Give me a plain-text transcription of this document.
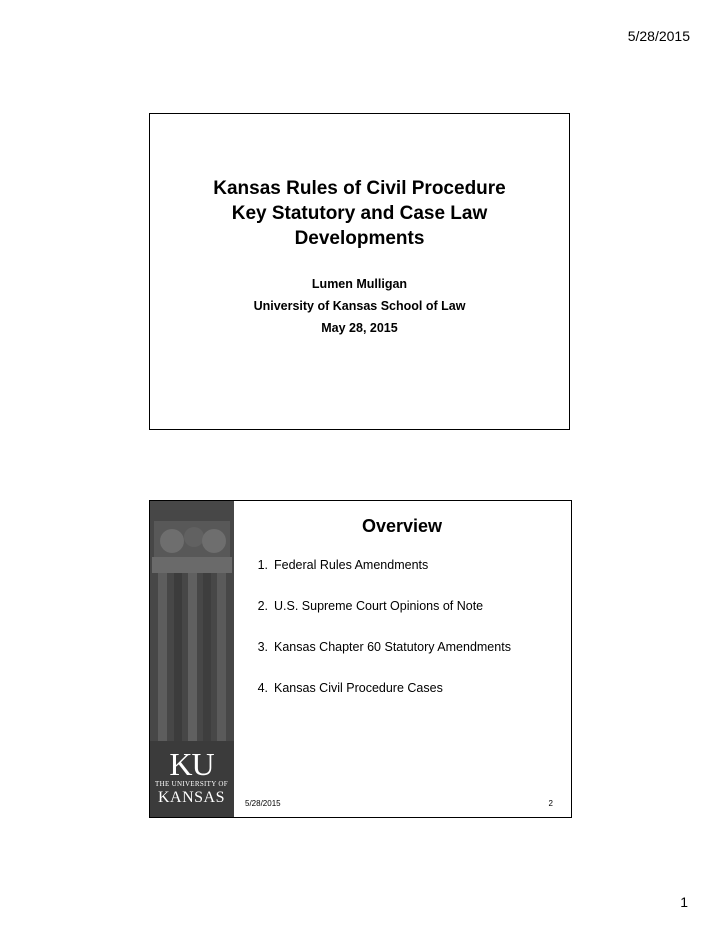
5/28/2015
Kansas Rules of Civil Procedure
Key Statutory and Case Law
Developments
Lumen Mulligan
University of Kansas School of Law
May 28, 2015
KU
THE UNIVERSITY OF
KANSAS
Overview
1. Federal Rules Amendments
2. U.S. Supreme Court Opinions of Note
3. Kansas Chapter 60 Statutory Amendments
4. Kansas Civil Procedure Cases
5/28/2015	2
1
